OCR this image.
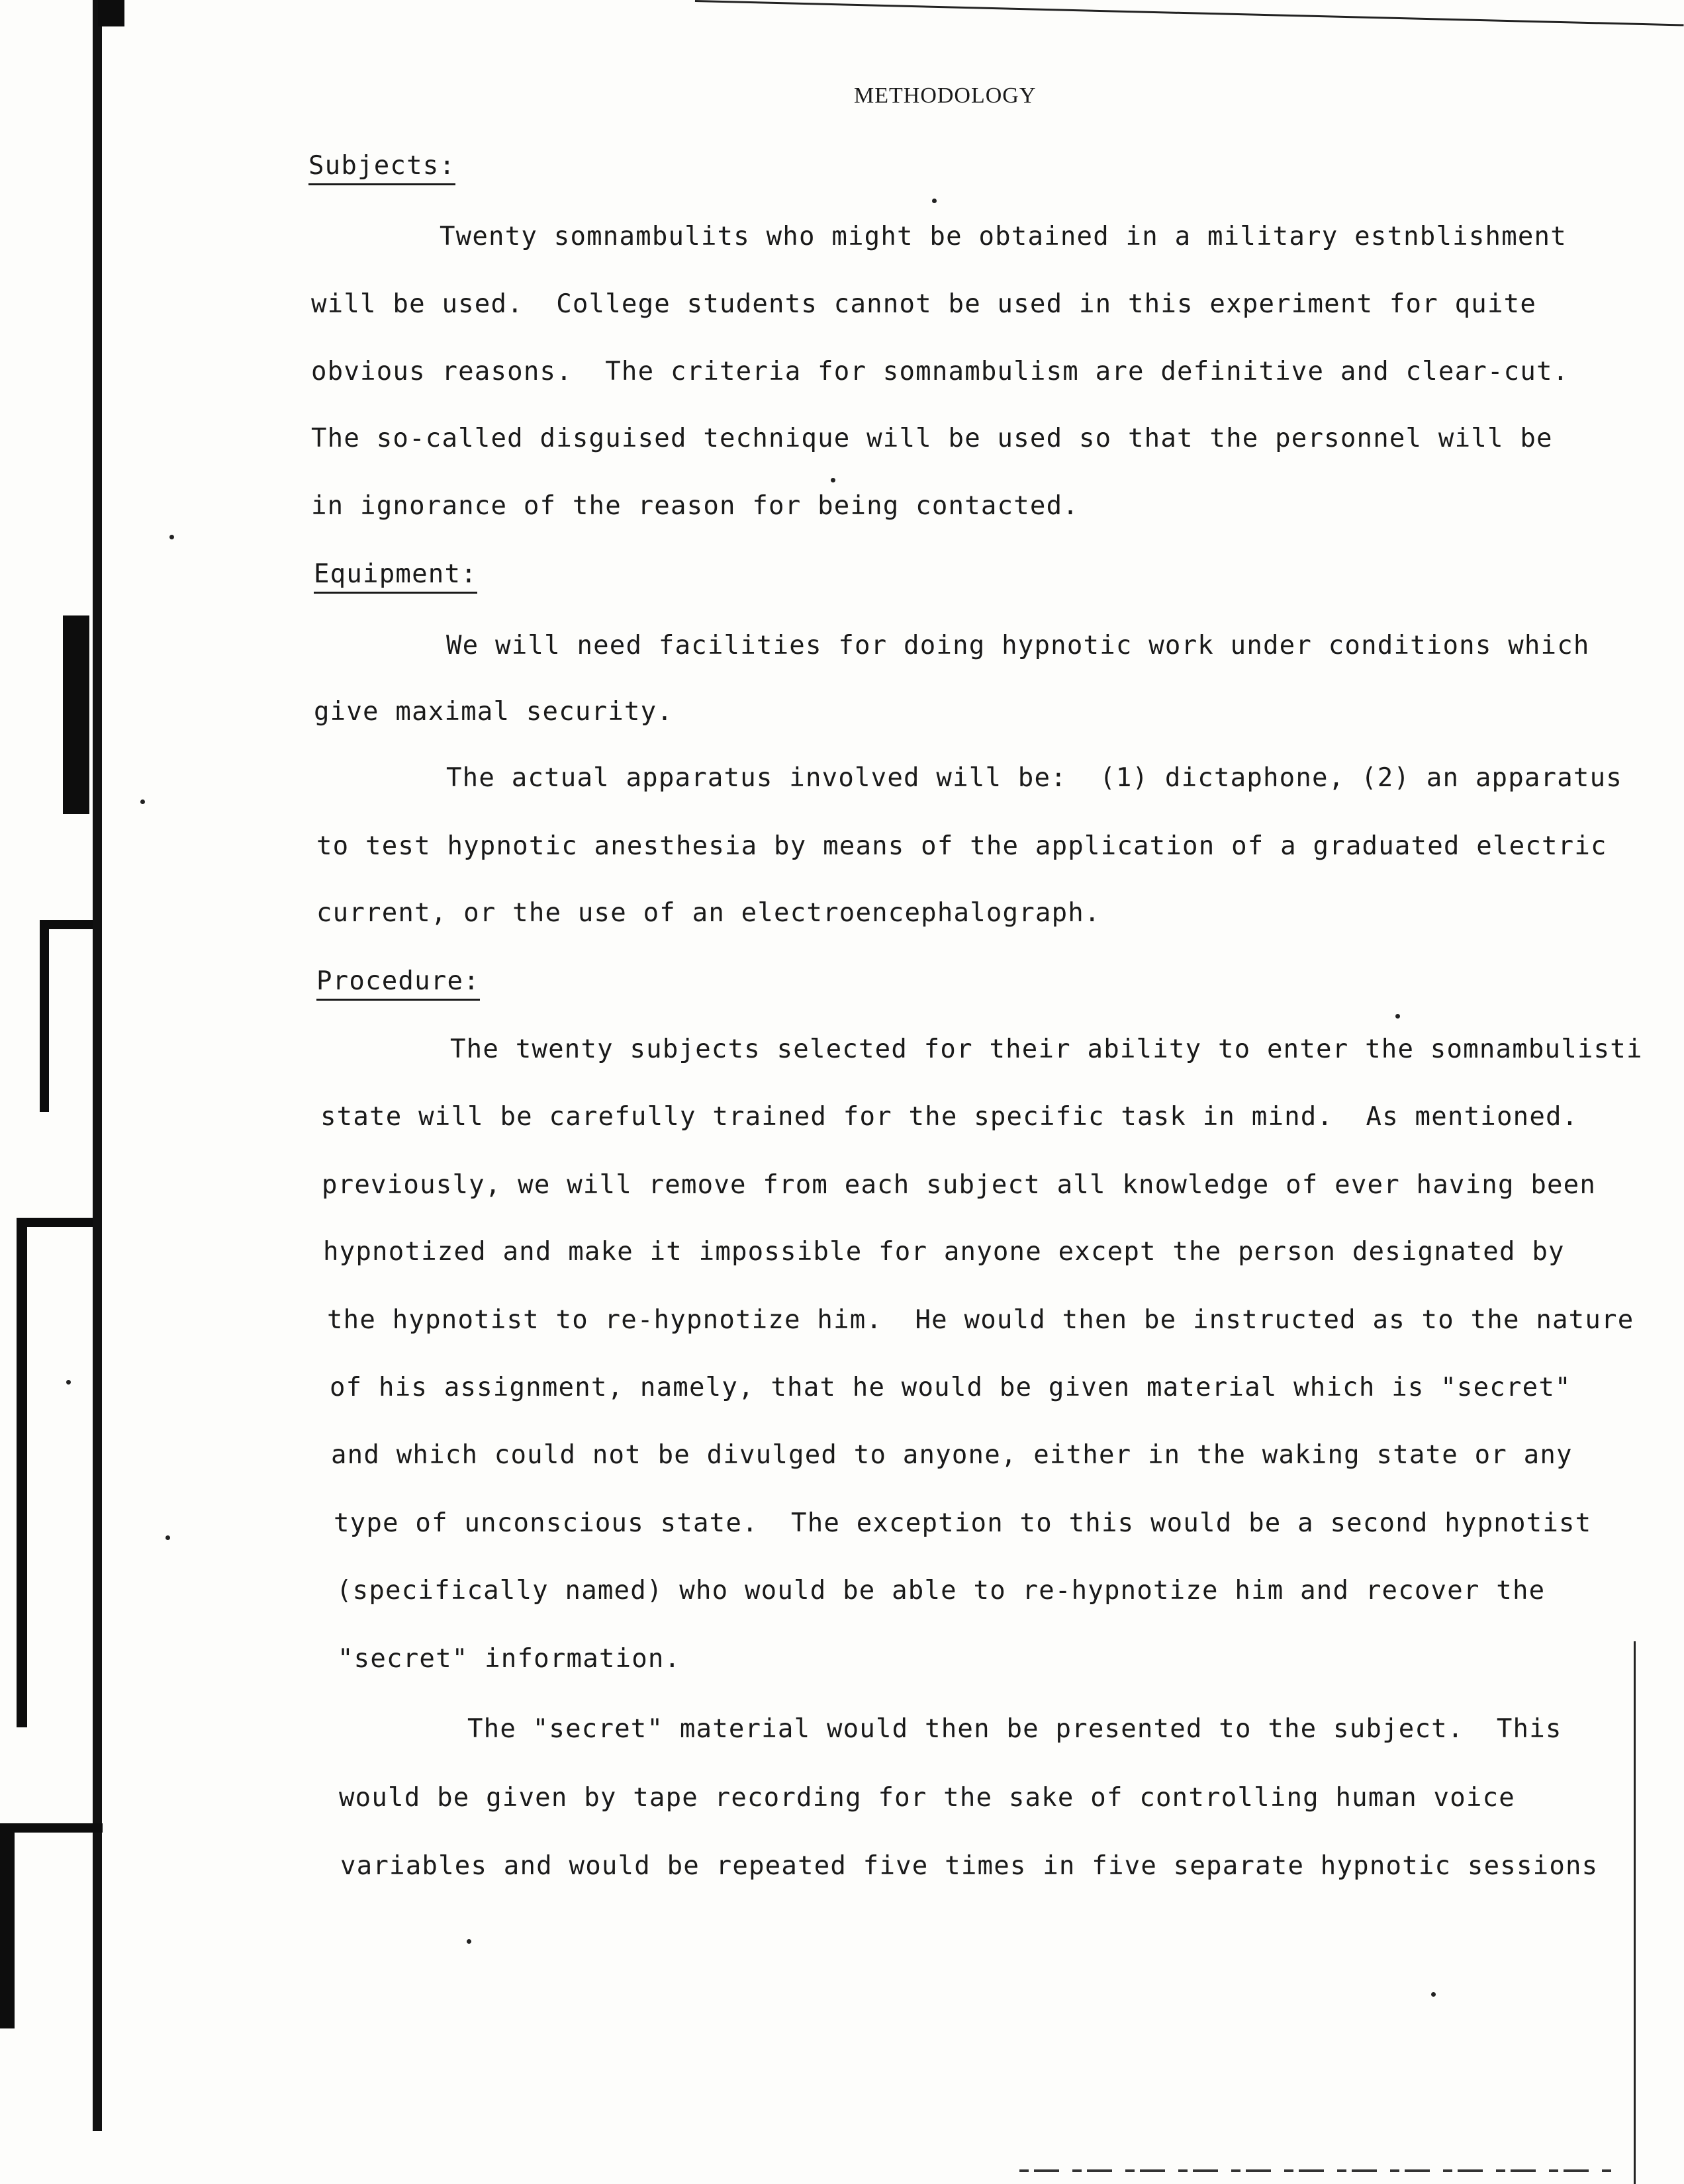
METHODOLOGY
Subjects:
Twenty somnambulits who might be obtained in a military estnblishment
will be used.  College students cannot be used in this experiment for quite
obvious reasons.  The criteria for somnambulism are definitive and clear-cut.
The so-called disguised technique will be used so that the personnel will be
in ignorance of the reason for being contacted.
Equipment:
We will need facilities for doing hypnotic work under conditions which
give maximal security.
The actual apparatus involved will be:  (1) dictaphone, (2) an apparatus
to test hypnotic anesthesia by means of the application of a graduated electric
current, or the use of an electroencephalograph.
Procedure:
The twenty subjects selected for their ability to enter the somnambulisti
state will be carefully trained for the specific task in mind.  As mentioned.
previously, we will remove from each subject all knowledge of ever having been
hypnotized and make it impossible for anyone except the person designated by
the hypnotist to re-hypnotize him.  He would then be instructed as to the nature
of his assignment, namely, that he would be given material which is "secret"
and which could not be divulged to anyone, either in the waking state or any
type of unconscious state.  The exception to this would be a second hypnotist
(specifically named) who would be able to re-hypnotize him and recover the
"secret" information.
The "secret" material would then be presented to the subject.  This
would be given by tape recording for the sake of controlling human voice
variables and would be repeated five times in five separate hypnotic sessions
